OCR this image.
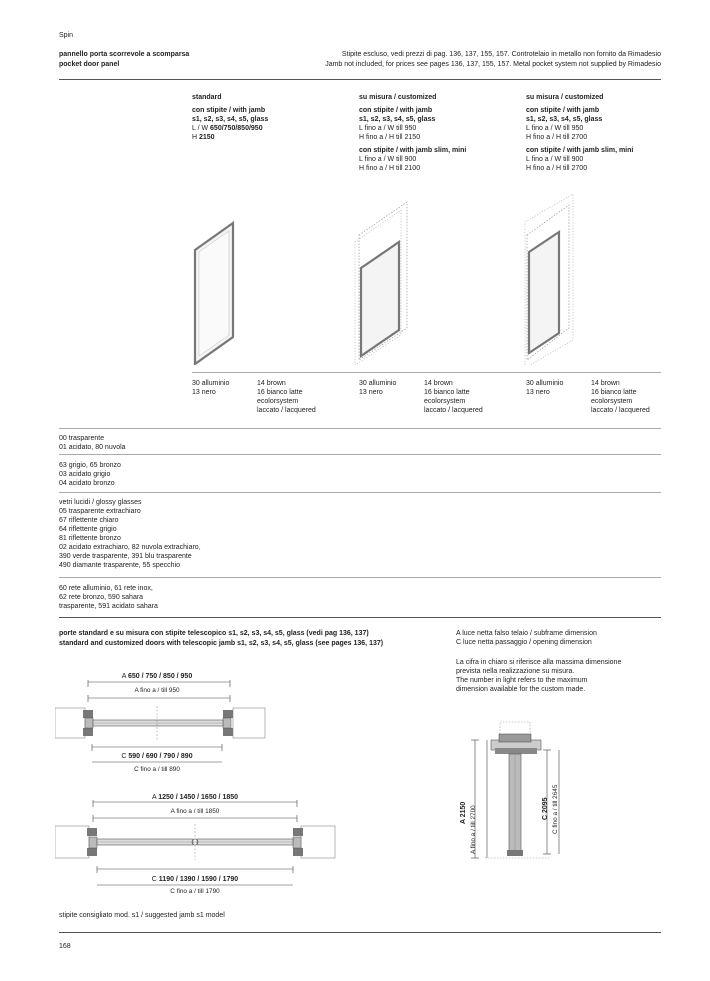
Spin
pannello porta scorrevole a scomparsa
pocket door panel
Stipite escluso, vedi prezzi di pag. 136, 137, 155, 157. Controtelaio in metallo non fornito da Rimadesio
Jamb not included, for prices see pages 136, 137, 155, 157. Metal pocket system not supplied by Rimadesio
standard
con stipite / with jamb
s1, s2, s3, s4, s5, glass
L / W 650/750/850/950
H 2150
su misura / customized
con stipite / with jamb
s1, s2, s3, s4, s5, glass
L fino a / W till 950
H fino a / H till 2150
con stipite / with jamb slim, mini
L fino a / W till 900
H fino a / H till 2100
su misura / customized
con stipite / with jamb
s1, s2, s3, s4, s5, glass
L fino a / W till 950
H fino a / H till 2700
con stipite / with jamb slim, mini
L fino a / W till 900
H fino a / H till 2700
30 alluminio
13 nero
14 brown
16 bianco latte
ecolorsystem
laccato / lacquered
30 alluminio
13 nero
14 brown
16 bianco latte
ecolorsystem
laccato / lacquered
30 alluminio
13 nero
14 brown
16 bianco latte
ecolorsystem
laccato / lacquered
00 trasparente
01 acidato, 80 nuvola
63 grigio, 65 bronzo
03 acidato grigio
04 acidato bronzo
vetri lucidi / glossy glasses
05 trasparente extrachiaro
67 riflettente chiaro
64 riflettente grigio
81 riflettente bronzo
02 acidato extrachiaro, 82 nuvola extrachiaro,
390 verde trasparente, 391 blu trasparente
490 diamante trasparente, 55 specchio
60 rete alluminio, 61 rete inox,
62 rete bronzo, 590 sahara
trasparente, 591 acidato sahara
porte standard e su misura con stipite telescopico s1, s2, s3, s4, s5, glass (vedi pag 136, 137)
standard and customized doors with telescopic jamb s1, s2, s3, s4, s5, glass (see pages 136, 137)
A luce netta falso telaio / subframe dimension
C luce netta passaggio / opening dimension
La cifra in chiaro si riferisce alla massima dimensione
prevista nella realizzazione su misura.
The number in light refers to the maximum
dimension available for the custom made.
A 650 / 750 / 850 / 950
A fino a / till 950
C 590 / 690 / 790 / 890
C fino a / till 890
A 1250 / 1450 / 1650 / 1850
A fino a / till 1850
C 1190 / 1390 / 1590 / 1790
C fino a / till 1790
A 2150 A fino a / till 2700	C 2095 C fino a / till 2645
stipite consigliato mod. s1 / suggested jamb s1 model
168
